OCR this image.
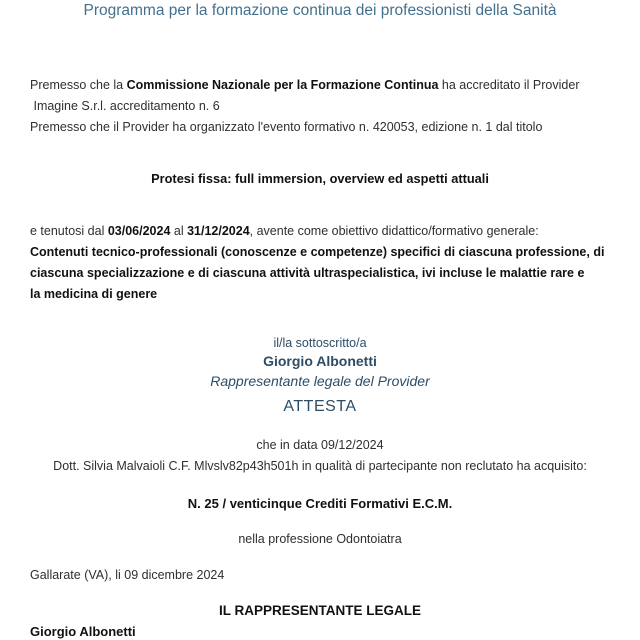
Programma per la formazione continua dei professionisti della Sanità
Premesso che la Commissione Nazionale per la Formazione Continua ha accreditato il Provider
Imagine S.r.l. accreditamento n. 6
Premesso che il Provider ha organizzato l'evento formativo n. 420053, edizione n. 1 dal titolo
Protesi fissa: full immersion, overview ed aspetti attuali
e tenutosi dal 03/06/2024 al 31/12/2024, avente come obiettivo didattico/formativo generale:
Contenuti tecnico-professionali (conoscenze e competenze) specifici di ciascuna professione, di
ciascuna specializzazione e di ciascuna attività ultraspecialistica, ivi incluse le malattie rare e
la medicina di genere
il/la sottoscritto/a
Giorgio Albonetti
Rappresentante legale del Provider
ATTESTA
che in data 09/12/2024
Dott. Silvia Malvaioli C.F. Mlvslv82p43h501h in qualità di partecipante non reclutato ha acquisito:
N. 25 / venticinque Crediti Formativi E.C.M.
nella professione Odontoiatra
Gallarate (VA), li 09 dicembre 2024
IL RAPPRESENTANTE LEGALE
Giorgio Albonetti
